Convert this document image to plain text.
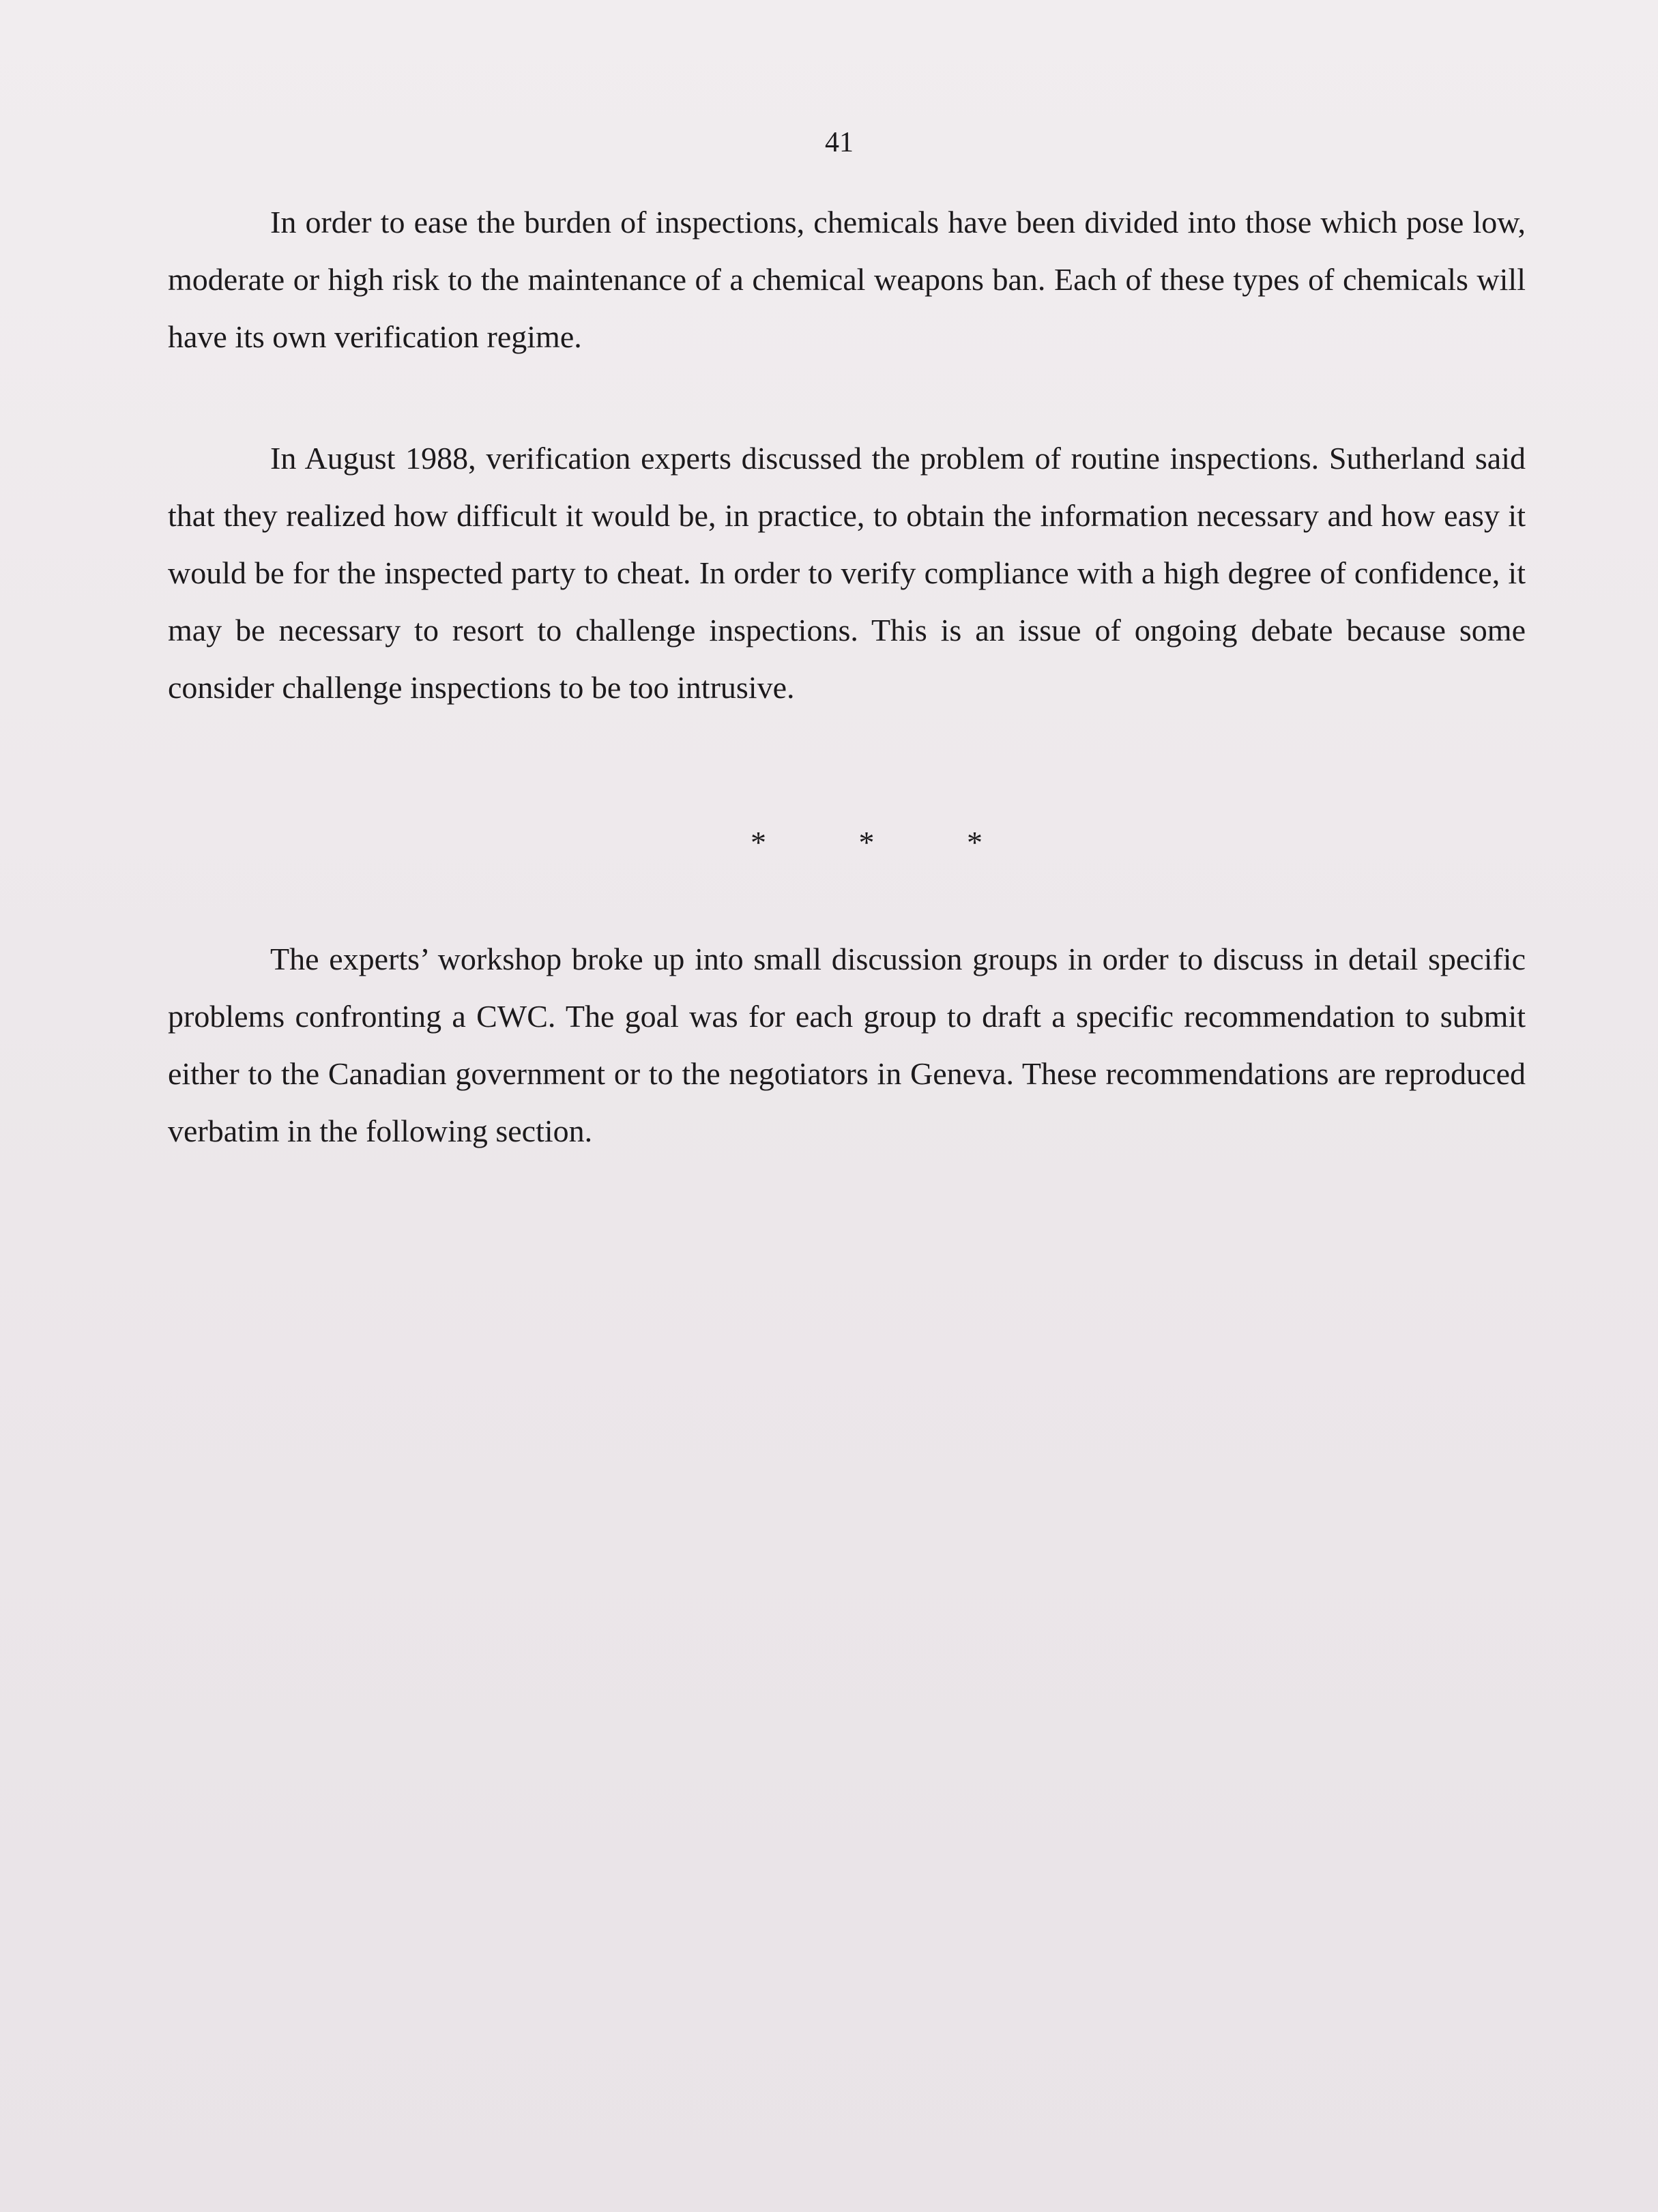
41

In order to ease the burden of inspections, chemicals have been divided into those which pose low, moderate or high risk to the maintenance of a chemical weapons ban. Each of these types of chemicals will have its own verification regime.

In August 1988, verification experts discussed the problem of routine inspections. Sutherland said that they realized how difficult it would be, in practice, to obtain the information necessary and how easy it would be for the inspected party to cheat. In order to verify compliance with a high degree of confidence, it may be necessary to resort to challenge inspections. This is an issue of ongoing debate because some consider challenge inspections to be too intrusive.

*	*	*

The experts’ workshop broke up into small discussion groups in order to discuss in detail specific problems confronting a CWC. The goal was for each group to draft a specific recommendation to submit either to the Canadian government or to the negotiators in Geneva. These recommendations are reproduced verbatim in the following section.
